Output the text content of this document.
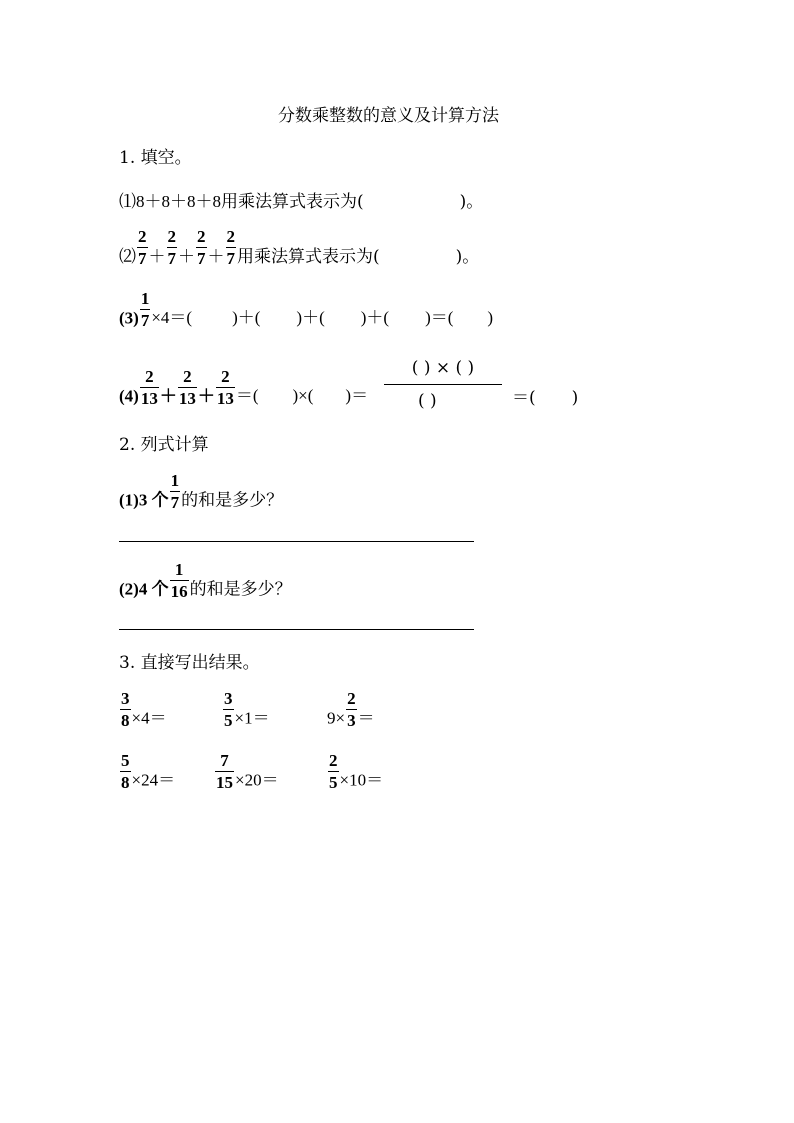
分数乘整数的意义及计算方法
1. 填空。
⑴8＋8＋8＋8用乘法算式表示为(	)。
⑵ $\frac{2}{7} + \frac{2}{7} + \frac{2}{7} + \frac{2}{7}$ 用乘法算式表示为(	)。
$(3) \frac{1}{7} \times 4=$( )＋( )＋( )＋( )＝( )
$(4) \frac{2}{13} + \frac{2}{13} + \frac{2}{13}$ ＝( )×( )＝
( ) × ( )
( )	＝( )
2. 列式计算
(1)3 个 $\frac{1}{7}$ 的和是多少？
(2)4 个 $\frac{1}{16}$ 的和是多少？
3. 直接写出结果。
$\frac{3}{8} \times 4=$	$\frac{3}{5} \times 1=$	$9\times \frac{2}{3}$ ＝
$\frac{5}{8} \times 24= \frac{7}{15} \times 20=$	$\frac{2}{5} \times 10=$
